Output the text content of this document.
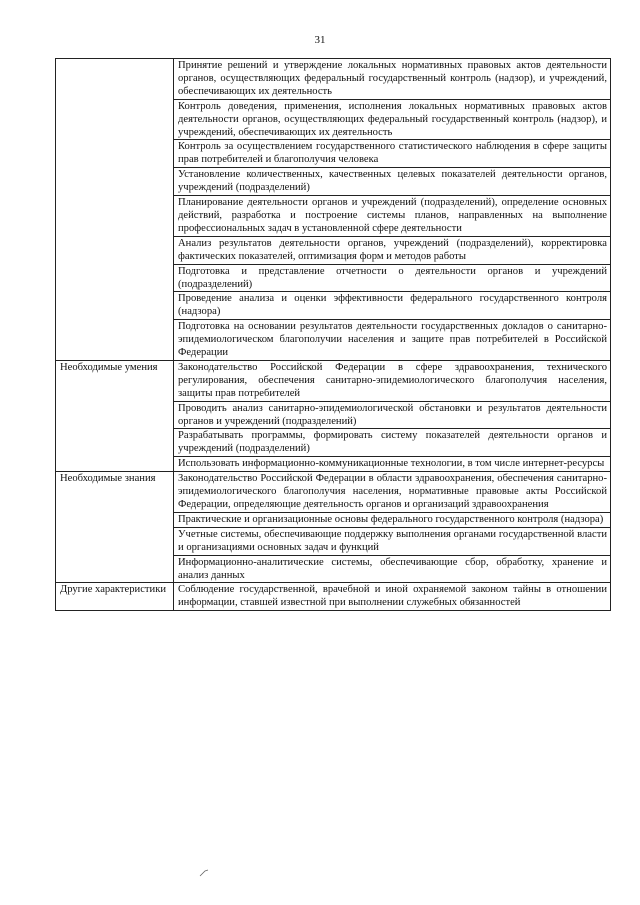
31
	Принятие решений и утверждение локальных нормативных правовых актов деятельности органов, осуществляющих федеральный государственный контроль (надзор), и учреждений, обеспечивающих их деятельность
	Контроль доведения, применения, исполнения локальных нормативных правовых актов деятельности органов, осуществляющих федеральный государственный контроль (надзор), и учреждений, обеспечивающих их деятельность
	Контроль за осуществлением государственного статистического наблюдения в сфере защиты прав потребителей и благополучия человека
	Установление количественных, качественных целевых показателей деятельности органов, учреждений (подразделений)
	Планирование деятельности органов и учреждений (подразделений), определение основных действий, разработка и построение системы планов, направленных на выполнение профессиональных задач в установленной сфере деятельности
	Анализ результатов деятельности органов, учреждений (подразделений), корректировка фактических показателей, оптимизация форм и методов работы
	Подготовка и представление отчетности о деятельности органов и учреждений (подразделений)
	Проведение анализа и оценки эффективности федерального государственного контроля (надзора)
	Подготовка на основании результатов деятельности государственных докладов о санитарно-эпидемиологическом благополучии населения и защите прав потребителей в Российской Федерации
Необходимые умения	Законодательство Российской Федерации в сфере здравоохранения, технического регулирования, обеспечения санитарно-эпидемиологического благополучия населения, защиты прав потребителей
	Проводить анализ санитарно-эпидемиологической обстановки и результатов деятельности органов и учреждений (подразделений)
	Разрабатывать программы, формировать систему показателей деятельности органов и учреждений (подразделений)
	Использовать информационно-коммуникационные технологии, в том числе интернет-ресурсы
Необходимые знания	Законодательство Российской Федерации в области здравоохранения, обеспечения санитарно-эпидемиологического благополучия населения, нормативные правовые акты Российской Федерации, определяющие деятельность органов и организаций здравоохранения
	Практические и организационные основы федерального государственного контроля (надзора)
	Учетные системы, обеспечивающие поддержку выполнения органами государственной власти и организациями основных задач и функций
	Информационно-аналитические системы, обеспечивающие сбор, обработку, хранение и анализ данных
Другие характеристики	Соблюдение государственной, врачебной и иной охраняемой законом тайны в отношении информации, ставшей известной при выполнении служебных обязанностей
